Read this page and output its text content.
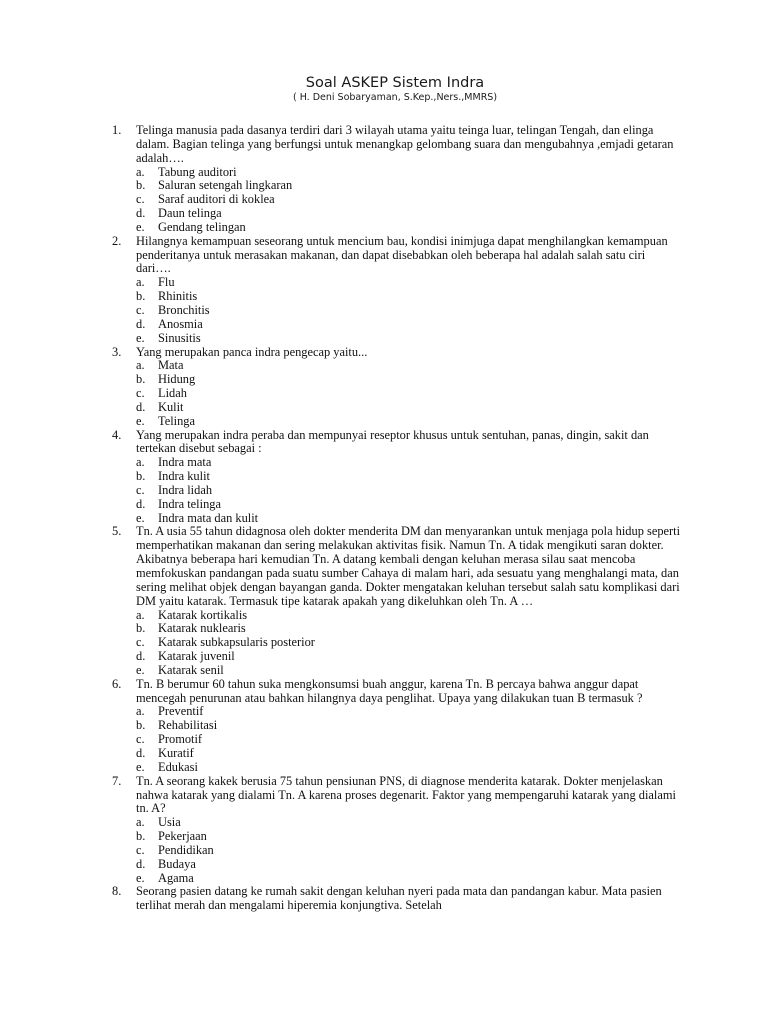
Soal ASKEP Sistem Indra
( H. Deni Sobaryaman, S.Kep.,Ners.,MMRS)
1. Telinga manusia pada dasanya terdiri dari 3 wilayah utama yaitu teinga luar, telingan Tengah, dan elinga dalam. Bagian telinga yang berfungsi untuk menangkap gelombang suara dan mengubahnya ,emjadi getaran adalah….
a. Tabung auditori
b. Saluran setengah lingkaran
c. Saraf auditori di koklea
d. Daun telinga
e. Gendang telingan
2. Hilangnya kemampuan seseorang untuk mencium bau, kondisi inimjuga dapat menghilangkan kemampuan penderitanya untuk merasakan makanan, dan dapat disebabkan oleh beberapa hal adalah salah satu ciri dari….
a. Flu
b. Rhinitis
c. Bronchitis
d. Anosmia
e. Sinusitis
3. Yang merupakan panca indra pengecap yaitu...
a. Mata
b. Hidung
c. Lidah
d. Kulit
e. Telinga
4. Yang merupakan indra peraba dan mempunyai reseptor khusus untuk sentuhan, panas, dingin, sakit dan tertekan disebut sebagai :
a. Indra mata
b. Indra kulit
c. Indra lidah
d. Indra telinga
e. Indra mata dan kulit
5. Tn. A usia 55 tahun didagnosa oleh dokter menderita DM dan menyarankan untuk menjaga pola hidup seperti memperhatikan makanan dan sering melakukan aktivitas fisik. Namun Tn. A tidak mengikuti saran dokter. Akibatnya beberapa hari kemudian Tn. A datang kembali dengan keluhan merasa silau saat mencoba memfokuskan pandangan pada suatu sumber Cahaya di malam hari, ada sesuatu yang menghalangi mata, dan sering melihat objek dengan bayangan ganda. Dokter mengatakan keluhan tersebut salah satu komplikasi dari DM yaitu katarak. Termasuk tipe katarak apakah yang dikeluhkan oleh Tn. A …
a. Katarak kortikalis
b. Katarak nuklearis
c. Katarak subkapsularis posterior
d. Katarak juvenil
e. Katarak senil
6. Tn. B berumur 60 tahun suka mengkonsumsi buah anggur, karena Tn. B percaya bahwa anggur dapat mencegah penurunan atau bahkan hilangnya daya penglihat. Upaya yang dilakukan tuan B termasuk ?
a. Preventif
b. Rehabilitasi
c. Promotif
d. Kuratif
e. Edukasi
7. Tn. A seorang kakek berusia 75 tahun pensiunan PNS, di diagnose menderita katarak. Dokter menjelaskan nahwa katarak yang dialami Tn. A karena proses degenarit. Faktor yang mempengaruhi katarak yang dialami tn. A?
a. Usia
b. Pekerjaan
c. Pendidikan
d. Budaya
e. Agama
8. Seorang pasien datang ke rumah sakit dengan keluhan nyeri pada mata dan pandangan kabur. Mata pasien terlihat merah dan mengalami hiperemia konjungtiva. Setelah
